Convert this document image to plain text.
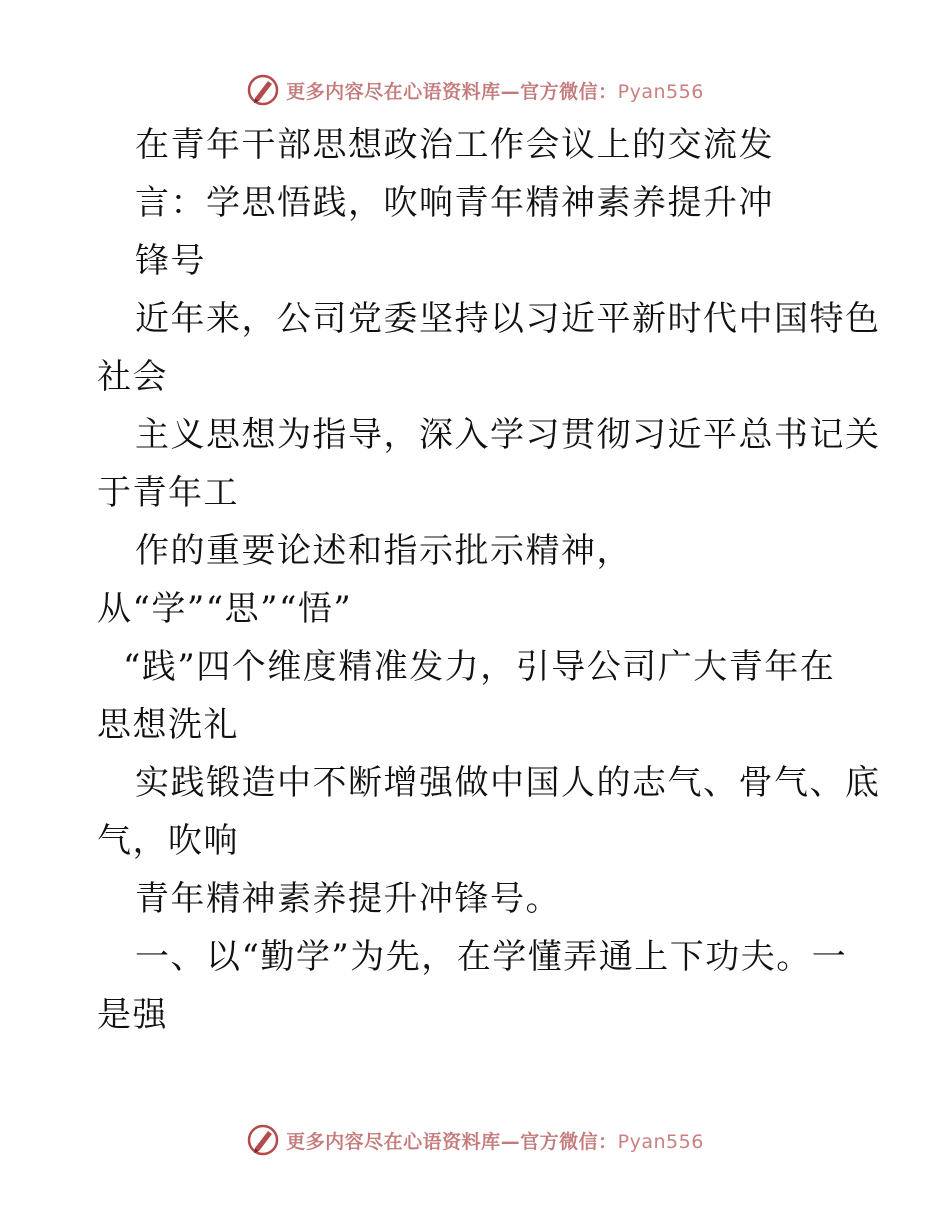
更多内容尽在心语资料库—官方微信：Pyan556
在青年干部思想政治工作会议上的交流发
言：学思悟践，吹响青年精神素养提升冲
锋号
近年来，公司党委坚持以习近平新时代中国特色
社会
主义思想为指导，深入学习贯彻习近平总书记关
于青年工
作的重要论述和指示批示精神，
从“学”“思”“悟”
“践”四个维度精准发力，引导公司广大青年在
思想洗礼
实践锻造中不断增强做中国人的志气、骨气、底
气，吹响
青年精神素养提升冲锋号。
一、以“勤学”为先，在学懂弄通上下功夫。一
是强
更多内容尽在心语资料库—官方微信：Pyan556
